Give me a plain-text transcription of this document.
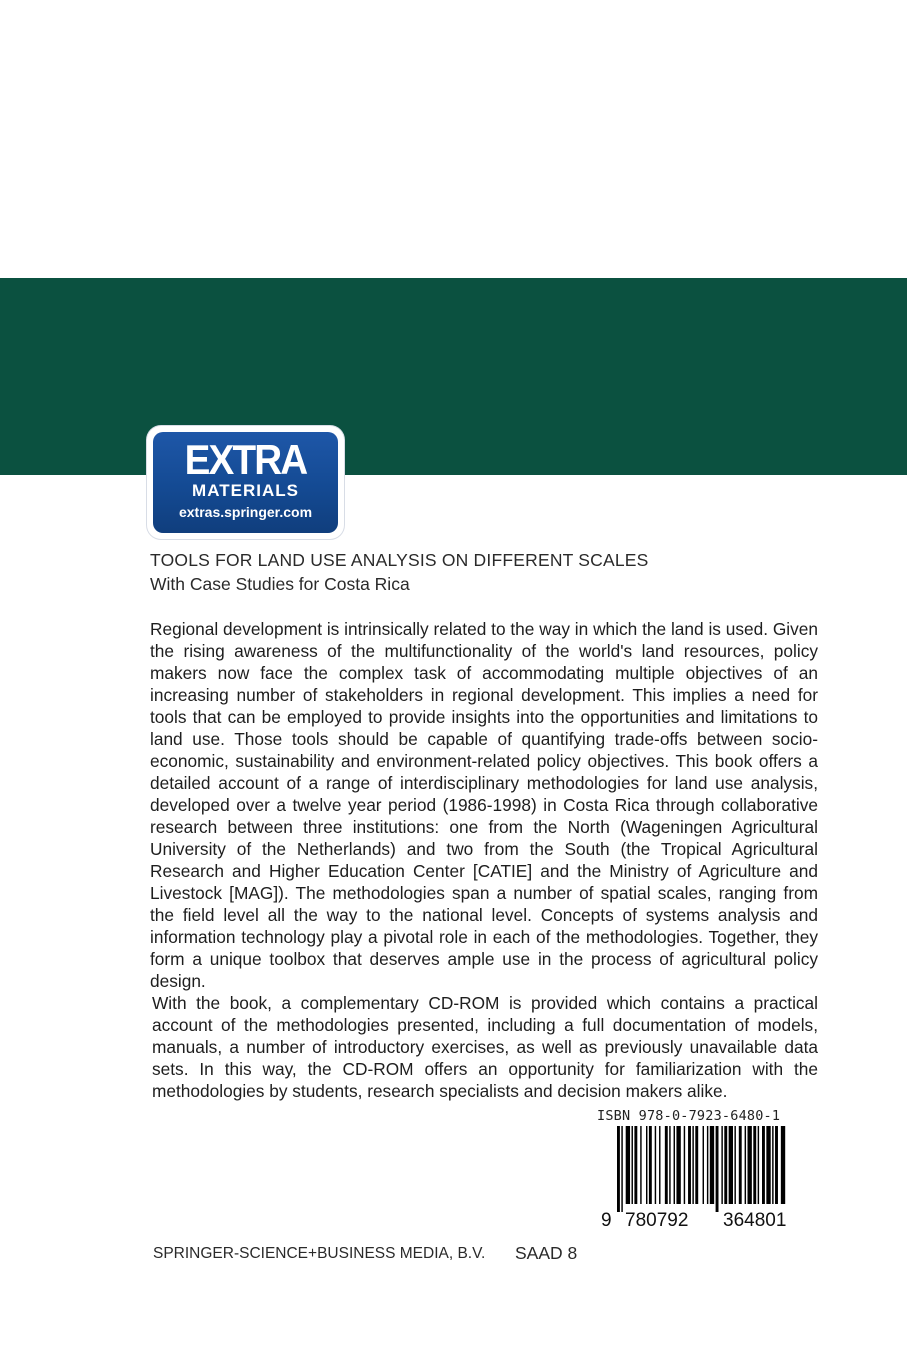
EXTRA
MATERIALS
extras.springer.com
TOOLS FOR LAND USE ANALYSIS ON DIFFERENT SCALES
With Case Studies for Costa Rica

Regional development is intrinsically related to the way in which the land is used. Given the rising awareness of the multifunctionality of the world's land resources, policy makers now face the complex task of accommodating multiple objectives of an increasing number of stakeholders in regional development. This implies a need for tools that can be employed to provide insights into the opportunities and limitations to land use. Those tools should be capable of quantifying trade-offs between socio-economic, sustainability and environment-related policy objectives. This book offers a detailed account of a range of interdisciplinary methodologies for land use analysis, developed over a twelve year period (1986-1998) in Costa Rica through collaborative research between three institutions: one from the North (Wageningen Agricultural University of the Netherlands) and two from the South (the Tropical Agricultural Research and Higher Education Center [CATIE] and the Ministry of Agriculture and Livestock [MAG]). The methodologies span a number of spatial scales, ranging from the field level all the way to the national level. Concepts of systems analysis and information technology play a pivotal role in each of the methodologies. Together, they form a unique toolbox that deserves ample use in the process of agricultural policy design.

With the book, a complementary CD-ROM is provided which contains a practical account of the methodologies presented, including a full documentation of models, manuals, a number of introductory exercises, as well as previously unavailable data sets. In this way, the CD-ROM offers an opportunity for familiarization with the methodologies by students, research specialists and decision makers alike.

ISBN 978-0-7923-6480-1
9 780792 364801
SPRINGER-SCIENCE+BUSINESS MEDIA, B.V. SAAD 8
